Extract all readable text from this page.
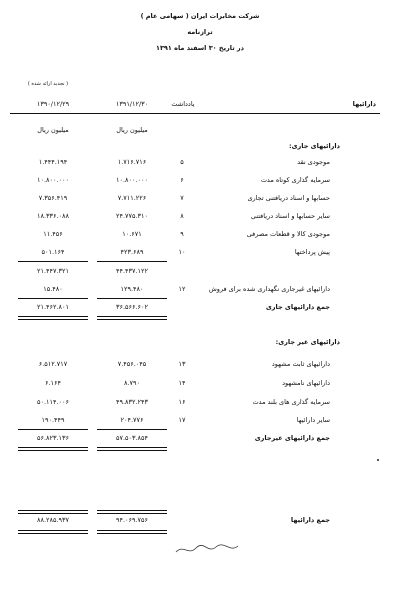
شرکت مخابرات ایران ( سهامی عام )
ترازنامه
در تاریخ ۳۰ اسفند ماه ۱۳۹۱
( تجدید ارائه شده )
۱۳۹۰/۱۲/۲۹	۱۳۹۱/۱۲/۳۰	یادداشت	دارائیها
میلیون ریال	میلیون ریال
دارائیهای جاری:
۱.۴۴۴.۱۹۴	۱.۷۱۶.۷۱۶	۵	موجودی نقد
۱۰.۸۰۰.۰۰۰	۱۰.۸۰۰.۰۰۰	۶	سرمایه گذاری کوتاه مدت
۷.۳۵۶.۴۱۹	۷.۷۱۱.۲۲۶	۷	حسابها و اسناد دریافتنی تجاری
۱۸.۳۳۶.۰۸۸	۲۴.۷۷۵.۳۱۰	۸	سایر حسابها و اسناد دریافتنی
۱۱.۴۵۶	۱۰.۶۷۱	۹	موجودی کالا و قطعات مصرفی
۵۰۱.۱۶۴	۴۲۳.۶۸۹	۱۰	پیش پرداختها
۲۱.۴۴۷.۳۲۱	۴۴.۴۳۷.۱۲۲
۱۵.۴۸۰	۱۲۹.۴۸۰	۱۲	دارائیهای غیرجاری نگهداری شده برای فروش
۲۱.۴۶۲.۸۰۱	۳۶.۵۶۶.۶۰۲	جمع دارائیهای جاری
دارائیهای غیر جاری:
۶.۵۱۲.۷۱۷	۷.۴۵۶.۰۴۵	۱۳	دارائیهای ثابت مشهود
۶.۱۶۴	۸.۷۹۰	۱۴	دارائیهای نامشهود
۵۰.۱۱۴.۰۰۶	۴۹.۸۳۲.۲۴۳	۱۶	سرمایه گذاری های بلند مدت
۱۹۰.۴۴۹	۲۰۴.۷۷۶	۱۷	سایر دارائیها
۵۶.۸۲۳.۱۳۶	۵۷.۵۰۳.۸۵۴	جمع دارائیهای غیرجاری
۸۸.۲۸۵.۹۳۷	۹۴.۰۶۹.۷۵۶	جمع دارائیها
